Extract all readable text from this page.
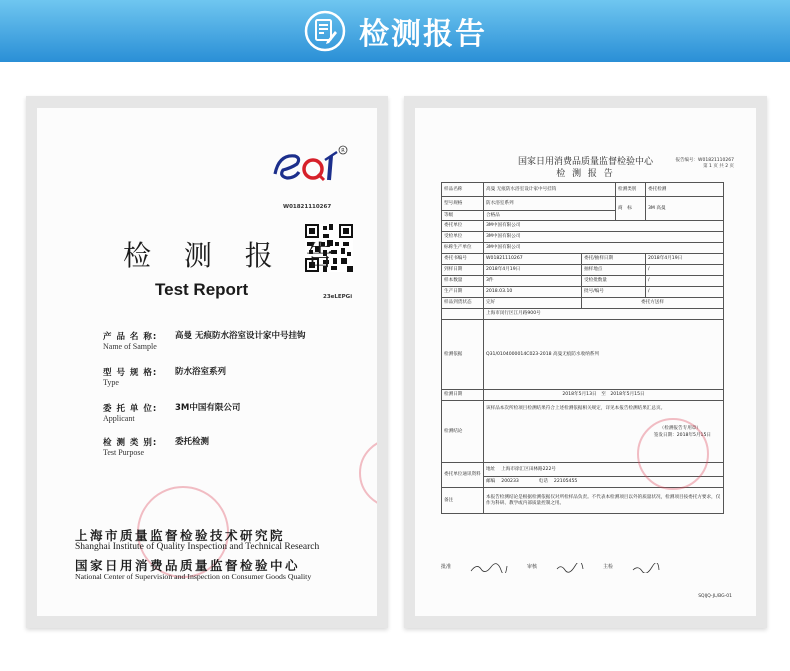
检测报告
R
W01821110267
23eLEPGi
检 测 报 告
Test Report
产 品 名 称:
Name of Sample
高曼 无痕防水浴室设计家中号挂钩
型 号 规 格:
Type
防水浴室系列
委 托 单 位:
Applicant
3M中国有限公司
检 测 类 别:
Test Purpose
委托检测
上海市质量监督检验技术研究院
Shanghai Institute of Quality Inspection and Technical Research
国家日用消费品质量监督检验中心
National Center of Supervision and Inspection on Consumer Goods Quality
国家日用消费品质量监督检验中心
检 测 报 告
报告编号：W01821110267
第 1 页 共 2 页
样品名称	高曼 无痕防水浴室设计家中号挂钩		检测类别	委托检测
型号规格	防水浴室系列		商　标	3M 高曼
等级	合格品			
委托单位	3M中国有限公司			
受检单位	3M中国有限公司			
标称生产单位	3M中国有限公司			
委托书编号	W01821110267	委托/抽样日期		2018年4月19日
到样日期	2018年4月19日	抽样地点		/
样本数量	3件	受检批数量		/
生产日期	2018.03.10	批号/编号		/
样品到货状态	完好	委托方送样		
	上海市闵行区江月路900号			
检测依据	Q31/0104000014C023-2018 高曼无痕防水收纳系列			
检测日期	2018年5月13日　至　2018年5月15日			
检测结论	该样品本次所检项目检测结果符合上述检测依据相关规定，详见本报告检测结果汇总页。
（检测报告专用章）
签发日期：2018年5月15日			

委托单位通讯资料	地址　 上海市徐汇区田林路222号			
	邮编　 200233　　　　 电话　 22105455			
备注	本报告检测结论是根据检测依据仅对所检样品负责。不代表本检测项目以外的质量状况，检测项目按委托方要求，仅作为科研、教学或内部质量控制之用。			
批准	审核	主检
SQIJQ-JL/BG-01
